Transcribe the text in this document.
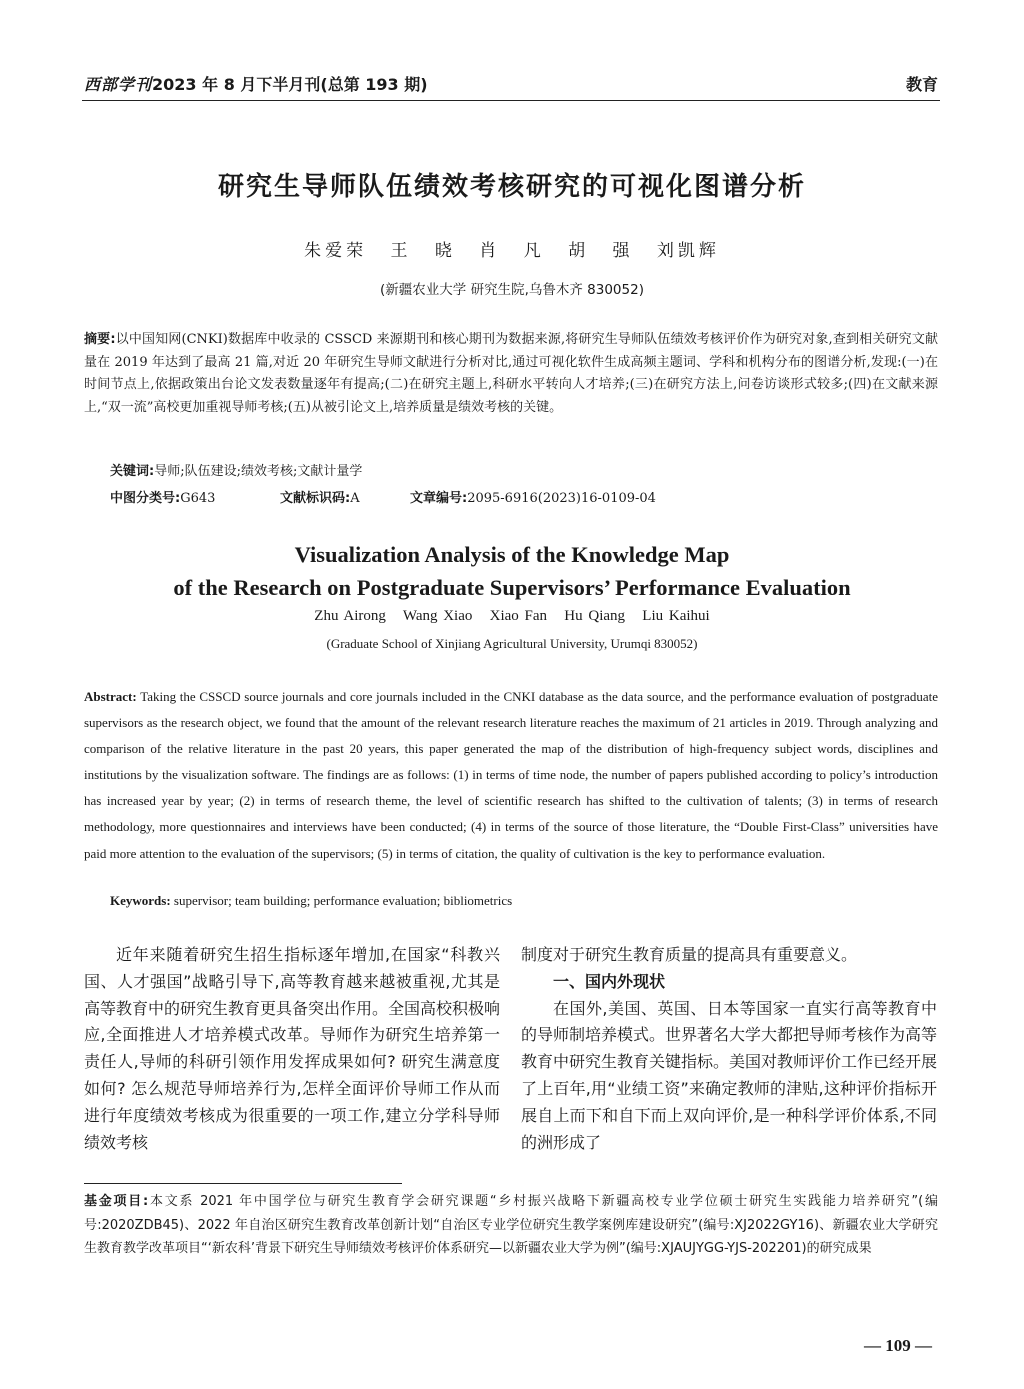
西部学刊2023 年 8 月下半月刊(总第 193 期)	教育
研究生导师队伍绩效考核研究的可视化图谱分析
朱爱荣 王 晓 肖 凡 胡 强 刘凯辉
(新疆农业大学 研究生院,乌鲁木齐 830052)
摘要:以中国知网(CNKI)数据库中收录的 CSSCD 来源期刊和核心期刊为数据来源,将研究生导师队伍绩效考核评价作为研究对象,查到相关研究文献量在 2019 年达到了最高 21 篇,对近 20 年研究生导师文献进行分析对比,通过可视化软件生成高频主题词、学科和机构分布的图谱分析,发现:(一)在时间节点上,依据政策出台论文发表数量逐年有提高;(二)在研究主题上,科研水平转向人才培养;(三)在研究方法上,问卷访谈形式较多;(四)在文献来源上,“双一流”高校更加重视导师考核;(五)从被引论文上,培养质量是绩效考核的关键。
关键词:导师;队伍建设;绩效考核;文献计量学
中图分类号:G643	文献标识码:A	文章编号:2095-6916(2023)16-0109-04
Visualization Analysis of the Knowledge Map
of the Research on Postgraduate Supervisors’ Performance Evaluation
Zhu Airong   Wang Xiao   Xiao Fan   Hu Qiang   Liu Kaihui
(Graduate School of Xinjiang Agricultural University, Urumqi 830052)
Abstract: Taking the CSSCD source journals and core journals included in the CNKI database as the data source, and the performance evaluation of postgraduate supervisors as the research object, we found that the amount of the relevant research literature reaches the maximum of 21 articles in 2019. Through analyzing and comparison of the relative literature in the past 20 years, this paper generated the map of the distribution of high-frequency subject words, disciplines and institutions by the visualization software. The findings are as follows: (1) in terms of time node, the number of papers published according to policy’s introduction has increased year by year; (2) in terms of research theme, the level of scientific research has shifted to the cultivation of talents; (3) in terms of research methodology, more questionnaires and interviews have been conducted; (4) in terms of the source of those literature, the “Double First-Class” universities have paid more attention to the evaluation of the supervisors; (5) in terms of citation, the quality of cultivation is the key to performance evaluation.
Keywords: supervisor; team building; performance evaluation; bibliometrics

近年来随着研究生招生指标逐年增加,在国家“科教兴国、人才强国”战略引导下,高等教育越来越被重视,尤其是高等教育中的研究生教育更具备突出作用。全国高校积极响应,全面推进人才培养模式改革。导师作为研究生培养第一责任人,导师的科研引领作用发挥成果如何? 研究生满意度如何? 怎么规范导师培养行为,怎样全面评价导师工作从而进行年度绩效考核成为很重要的一项工作,建立分学科导师绩效考核

制度对于研究生教育质量的提高具有重要意义。

一、国内外现状

在国外,美国、英国、日本等国家一直实行高等教育中的导师制培养模式。世界著名大学大都把导师考核作为高等教育中研究生教育关键指标。美国对教师评价工作已经开展了上百年,用“业绩工资”来确定教师的津贴,这种评价指标开展自上而下和自下而上双向评价,是一种科学评价体系,不同的洲形成了

基金项目:本文系 2021 年中国学位与研究生教育学会研究课题“乡村振兴战略下新疆高校专业学位硕士研究生实践能力培养研究”(编号:2020ZDB45)、2022 年自治区研究生教育改革创新计划“自治区专业学位研究生教学案例库建设研究”(编号:XJ2022GY16)、新疆农业大学研究生教育教学改革项目“‘新农科’背景下研究生导师绩效考核评价体系研究—以新疆农业大学为例”(编号:XJAUJYGG-YJS-202201)的研究成果
— 109 —
